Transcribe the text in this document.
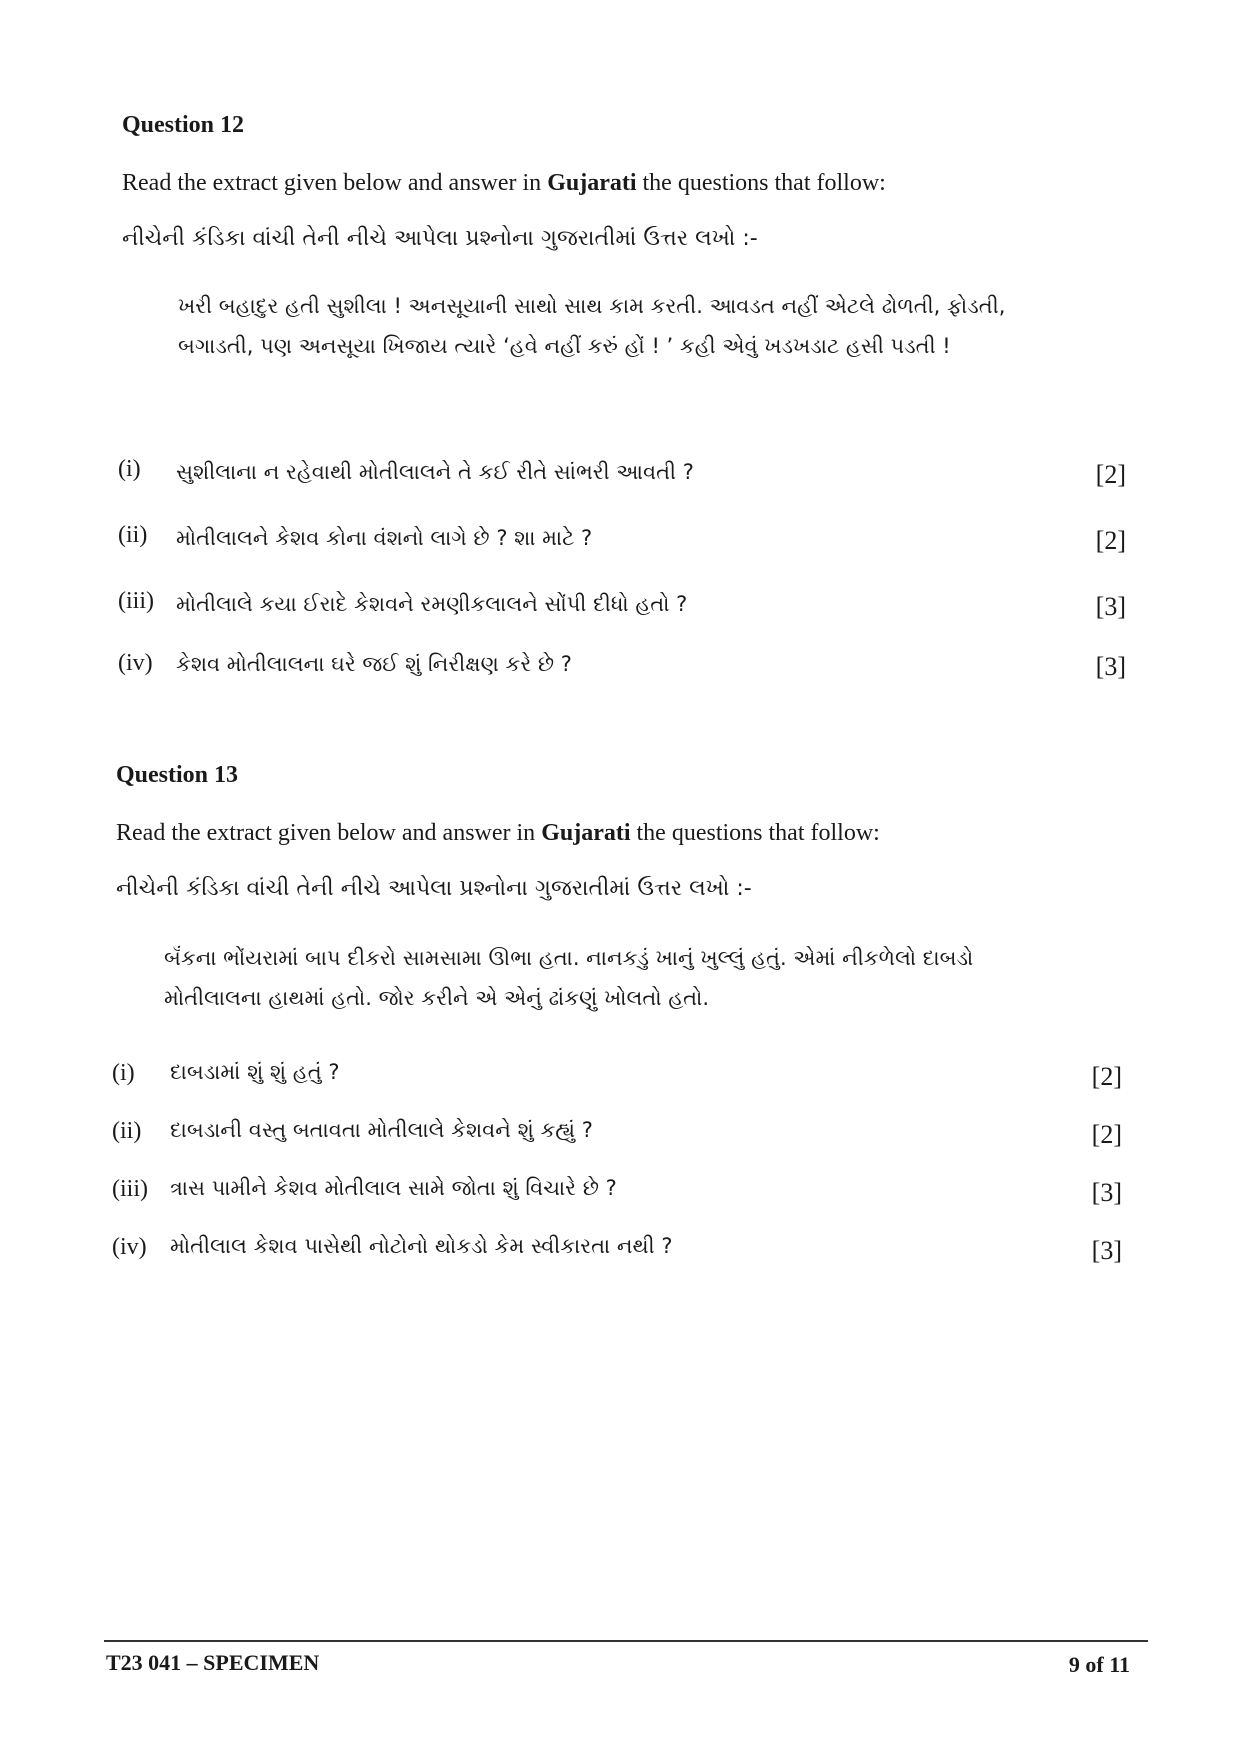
Question 12
Read the extract given below and answer in Gujarati the questions that follow:
નીચેની કંડિકા વાંચી તેની નીચે આપેલા પ્રશ્નોના ગુજરાતીમાં ઉત્તર લખો :-
ખરી બહાદુર હતી સુશીલા ! અનસૂયાની સાથો સાથ કામ કરતી. આવડત નહીં એટલે ઢોળતી, ફોડતી, બગાડતી, પણ અનસૂયા ખિજાય ત્યારે ‘હવે નહીં કરું હોં ! ’ કહી એવું ખડખડાટ હસી પડતી !
(i) સુશીલાના ન રહેવાથી મોતીલાલને તે કઈ રીતે સાંભરી આવતી ?	[2]
(ii) મોતીલાલને કેશવ કોના વંશનો લાગે છે ? શા માટે ?	[2]
(iii) મોતીલાલે કયા ઈરાદે કેશવને રમણીકલાલને સોંપી દીધો હતો ?	[3]
(iv) કેશવ મોતીલાલના ઘરે જઈ શું નિરીક્ષણ કરે છે ?	[3]
Question 13
Read the extract given below and answer in Gujarati the questions that follow:
નીચેની કંડિકા વાંચી તેની નીચે આપેલા પ્રશ્નોના ગુજરાતીમાં ઉત્તર લખો :-
બૅંકના ભોંયરામાં બાપ દીકરો સામસામા ઊભા હતા. નાનકડું ખાનું ખુલ્લું હતું. એમાં નીકળેલો દાબડો મોતીલાલના હાથમાં હતો. જોર કરીને એ એનું ઢાંકણું ખોલતો હતો.
(i) દાબડામાં શું શું હતું ?	[2]
(ii) દાબડાની વસ્તુ બતાવતા મોતીલાલે કેશવને શું કહ્યું ?	[2]
(iii) ત્રાસ પામીને કેશવ મોતીલાલ સામે જોતા શું વિચારે છે ?	[3]
(iv) મોતીલાલ કેશવ પાસેથી નોટોનો થોકડો કેમ સ્વીકારતા નથી ?	[3]
T23 041 – SPECIMEN	9 of 11
